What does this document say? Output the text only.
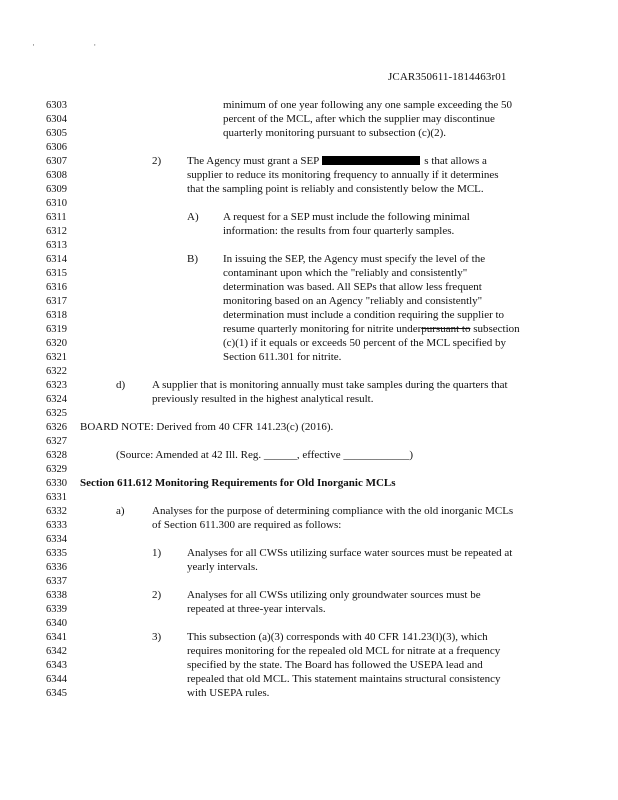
· ·
JCAR350611-1814463r01
6303	minimum of one year following any one sample exceeding the 50
6304	percent of the MCL, after which the supplier may discontinue
6305	quarterly monitoring pursuant to subsection (c)(2).
6306
6307	2) The Agency must grant a SEP	s that allows a
6308	supplier to reduce its monitoring frequency to annually if it determines
6309	that the sampling point is reliably and consistently below the MCL.
6310
6311	A) A request for a SEP must include the following minimal
6312	information: the results from four quarterly samples.
6313
6314	B) In issuing the SEP, the Agency must specify the level of the
6315	contaminant upon which the "reliably and consistently"
6316	determination was based. All SEPs that allow less frequent
6317	monitoring based on an Agency "reliably and consistently"
6318	determination must include a condition requiring the supplier to
6319	resume quarterly monitoring for nitrite underpursuant to subsection
6320	(c)(1) if it equals or exceeds 50 percent of the MCL specified by
6321	Section 611.301 for nitrite.
6322
6323	d) A supplier that is monitoring annually must take samples during the quarters that
6324	previously resulted in the highest analytical result.
6325
6326 BOARD NOTE: Derived from 40 CFR 141.23(c) (2016).
6327
6328	(Source: Amended at 42 Ill. Reg. ______, effective ____________)
6329
6330 Section 611.612 Monitoring Requirements for Old Inorganic MCLs
6331
6332	a) Analyses for the purpose of determining compliance with the old inorganic MCLs
6333	of Section 611.300 are required as follows:
6334
6335	1) Analyses for all CWSs utilizing surface water sources must be repeated at
6336	yearly intervals.
6337
6338	2) Analyses for all CWSs utilizing only groundwater sources must be
6339	repeated at three-year intervals.
6340
6341	3) This subsection (a)(3) corresponds with 40 CFR 141.23(l)(3), which
6342	requires monitoring for the repealed old MCL for nitrate at a frequency
6343	specified by the state. The Board has followed the USEPA lead and
6344	repealed that old MCL. This statement maintains structural consistency
6345	with USEPA rules.
